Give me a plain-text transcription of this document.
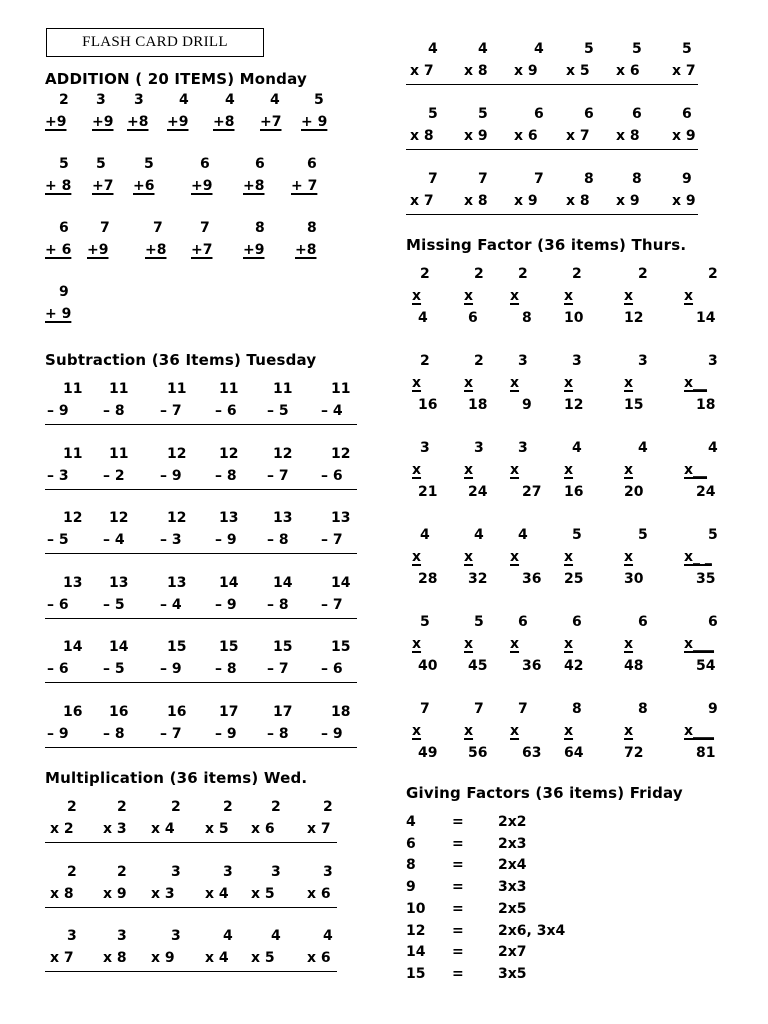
FLASH CARD DRILL
ADDITION ( 20 ITEMS) Monday
2 3 3	4	4	4 5
+9 +9 +8 +9 +8 +7 + 9
5 5	5	6	6	6
+ 8 +7 +6	+9 +8 + 7
6 7	7	7	8	8
+ 6 +9	+8 +7 +9 +8
9
+ 9
Subtraction (36 Items) Tuesday
11 11	11 11 11	11
– 9 – 8	– 7 – 6 – 5 – 4
11 11	12 12 12	12
– 3 – 2	– 9 – 8 – 7 – 6
12 12	12 13 13	13
– 5 – 4	– 3 – 9 – 8 – 7
13 13	13 14 14	14
– 6 – 5	– 4 – 9 – 8 – 7
14 14	15 15 15	15
– 6 – 5	– 9 – 8 – 7 – 6
16 16	16 17 17	18
– 9 – 8	– 7 – 9 – 8 – 9
Multiplication (36 items) Wed.
2	2	2	2	2	2
x 2 x 3 x 4 x 5 x 6 x 7
2	2	3	3	3	3
x 8 x 9 x 3 x 4 x 5 x 6
3	3	3	4	4	4
x 7 x 8 x 9 x 4 x 5 x 6
4	4	4	5	5	5
x 7 x 8 x 9 x 5 x 6 x 7
5	5	6	6	6	6
x 8 x 9 x 6 x 7 x 8 x 9
7	7	7	8	8	9
x 7 x 8 x 9 x 8 x 9 x 9
Missing Factor (36 items) Thurs.
2	2 2	2	2	2
x	x	x	x	x	x
4	6	8 10	12	14
2	2 3	3	3	3
x	x	x	x	x	x__
16 18 9 12	15	18
3	3 3	4	4	4
x	x	x	x	x	x__
21 24 27 16	20	24
4	4 4	5	5	5
x	x	x	x	x	x_ _
28 32 36 25	30	35
5	5 6	6	6	6
x	x	x	x	x	x___
40 45 36 42	48	54
7	7 7	8	8	9
x	x	x	x	x	x___
49 56 63 64	72	81
Giving Factors (36 items) Friday
4	= 2x2
6	= 2x3
8	= 2x4
9	= 3x3
10 = 2x5
12 = 2x6, 3x4
14 = 2x7
15 = 3x5
